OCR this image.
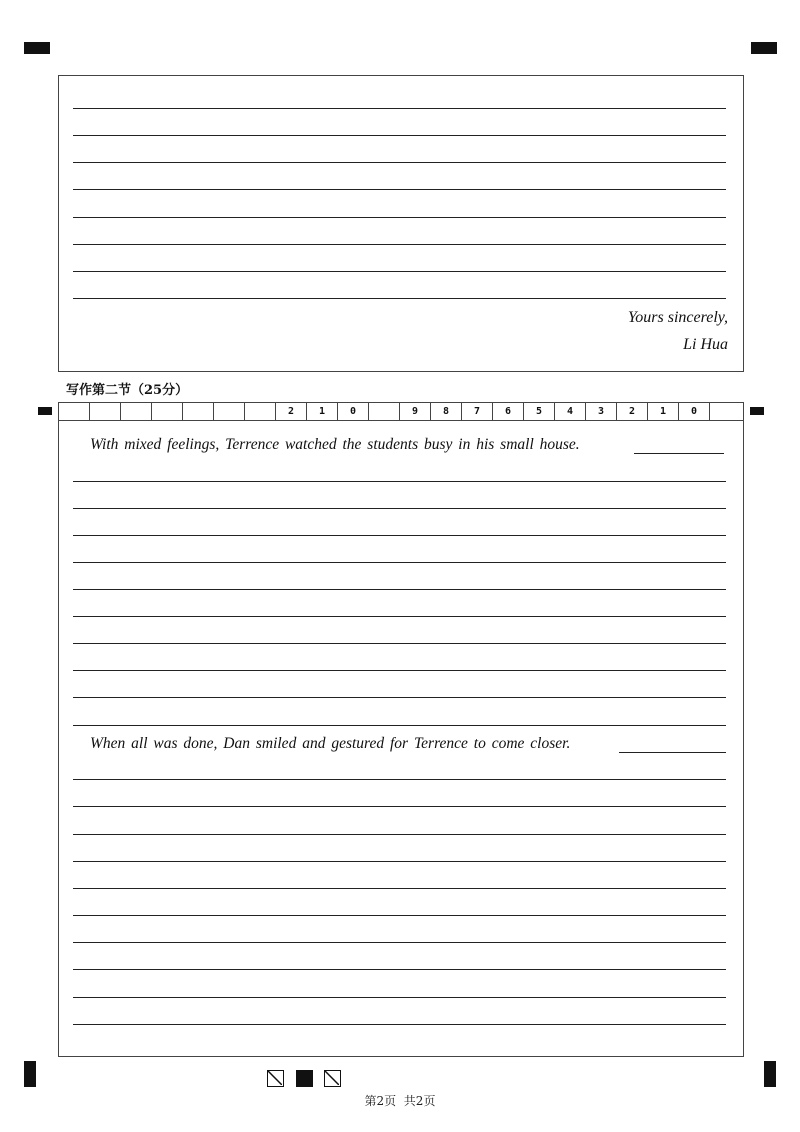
Yours sincerely,
Li Hua
写作第二节（25分）
2	1	0	9	8	7	6	5	4	3	2	1	0
With mixed feelings, Terrence watched the students busy in his small house.
When all was done, Dan smiled and gestured for Terrence to come closer.
第2页  共2页
